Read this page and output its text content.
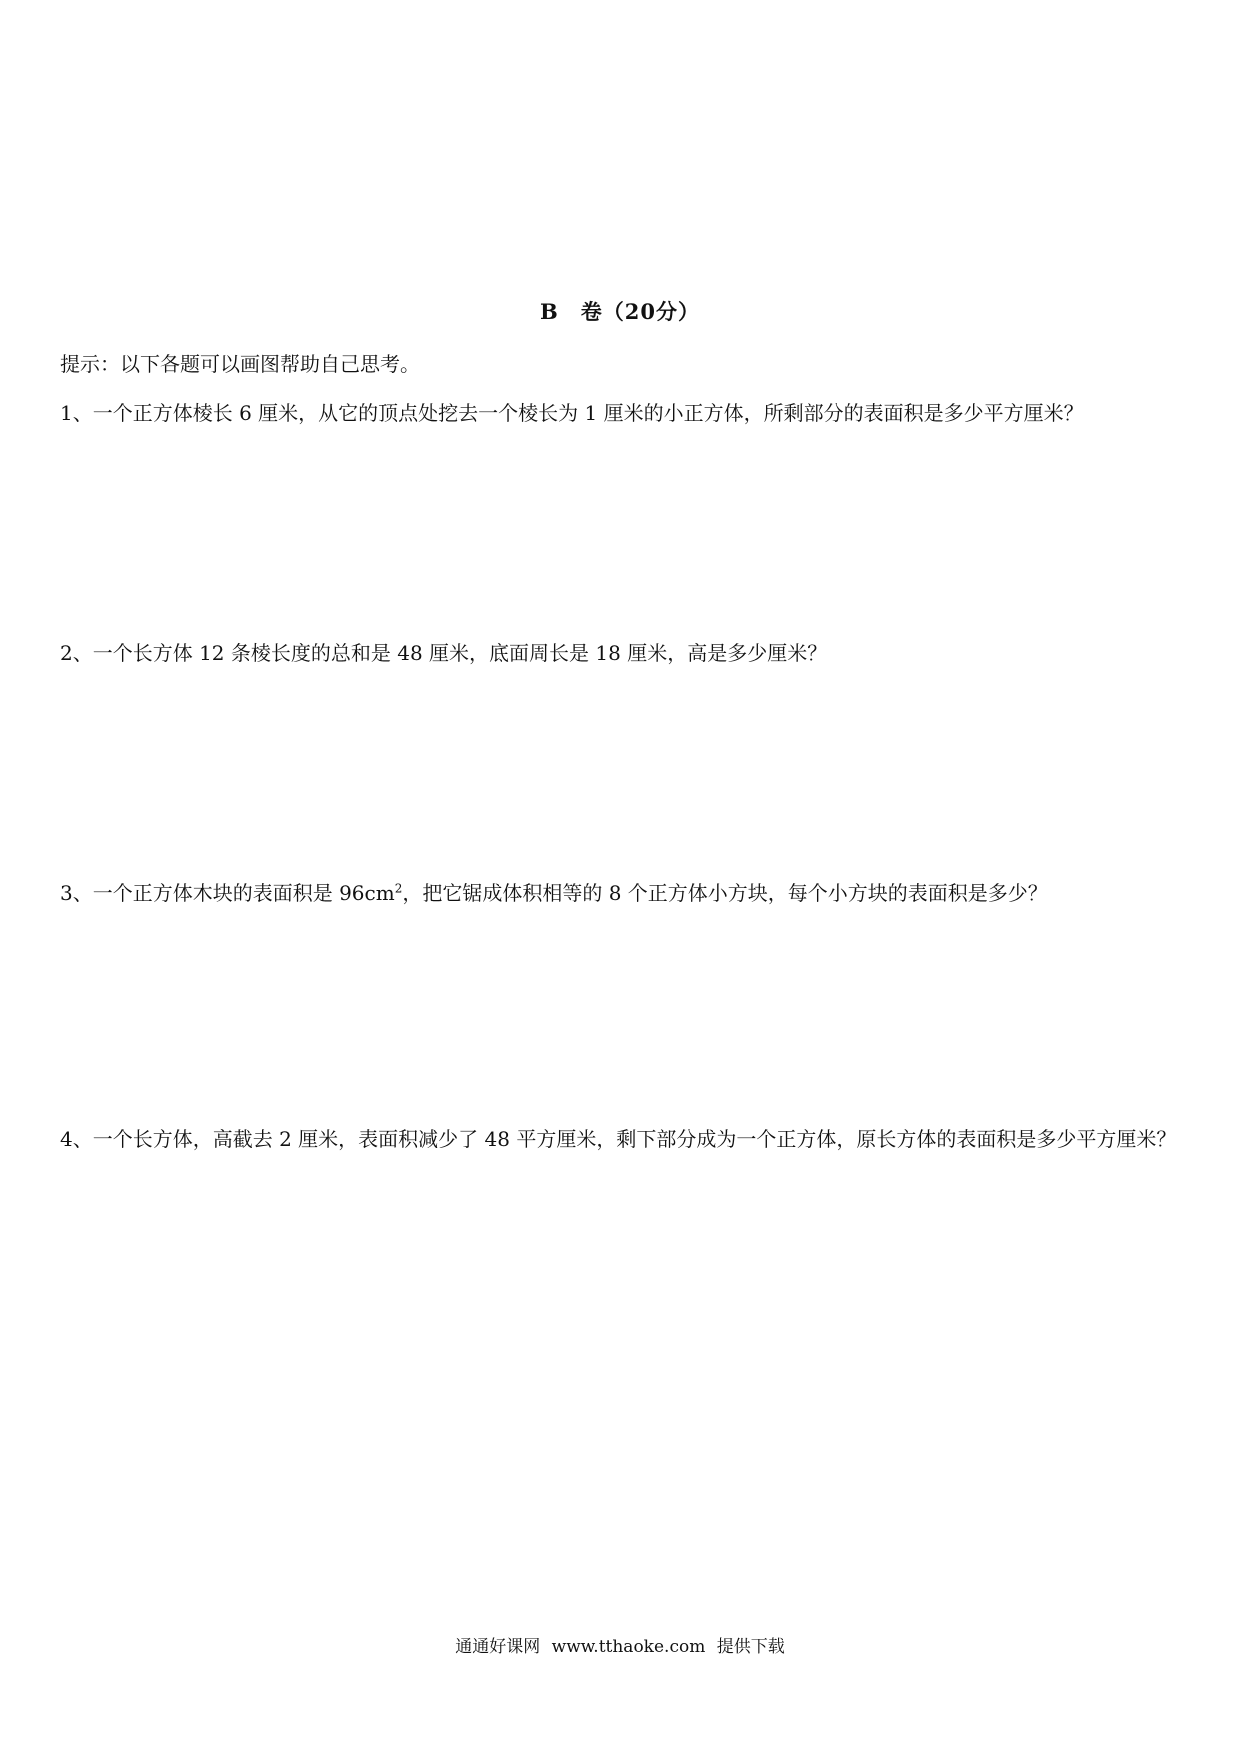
B　卷（20分）
提示：以下各题可以画图帮助自己思考。
1、一个正方体棱长 6 厘米，从它的顶点处挖去一个棱长为 1 厘米的小正方体，所剩部分的表面积是多少平方厘米？
2、一个长方体 12 条棱长度的总和是 48 厘米，底面周长是 18 厘米，高是多少厘米？
3、一个正方体木块的表面积是 $96cm^2$，把它锯成体积相等的 8 个正方体小方块，每个小方块的表面积是多少？
4、一个长方体，高截去 2 厘米，表面积减少了 48 平方厘米，剩下部分成为一个正方体，原长方体的表面积是多少平方厘米？
通通好课网 www.tthaoke.com 提供下载
